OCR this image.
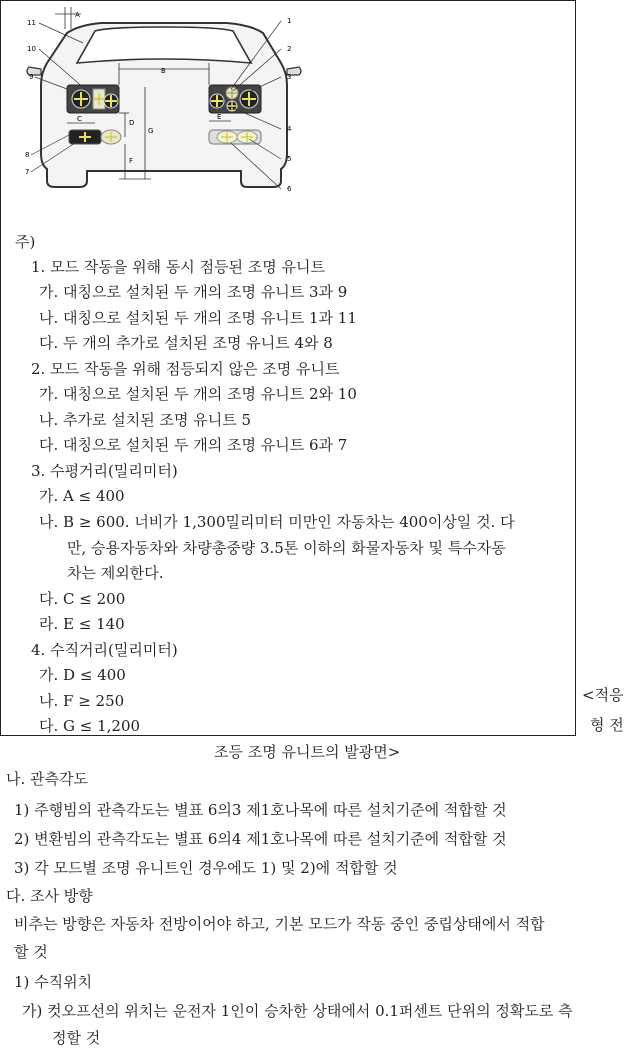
11
10
9
8
7
1
2
3
4
5
6
A
B
C	D
E
F
G
주)
1. 모드 작동을 위해 동시 점등된 조명 유니트
가. 대칭으로 설치된 두 개의 조명 유니트 3과 9
나. 대칭으로 설치된 두 개의 조명 유니트 1과 11
다. 두 개의 추가로 설치된 조명 유니트 4와 8
2. 모드 작동을 위해 점등되지 않은 조명 유니트
가. 대칭으로 설치된 두 개의 조명 유니트 2와 10
나. 추가로 설치된 조명 유니트 5
다. 대칭으로 설치된 두 개의 조명 유니트 6과 7
3. 수평거리(밀리미터)
가. A ≤ 400
나. B ≥ 600. 너비가 1,300밀리미터 미만인 자동차는 400이상일 것. 다
만, 승용자동차와 차량총중량 3.5톤 이하의 화물자동차 및 특수자동
차는 제외한다.
다. C ≤ 200
라. E ≤ 140
4. 수직거리(밀리미터)
가. D ≤ 400
나. F ≥ 250
다. G ≤ 1,200
<적응
형 전
조등 조명 유니트의 발광면>
나. 관측각도
1) 주행빔의 관측각도는 별표 6의3 제1호나목에 따른 설치기준에 적합할 것
2) 변환빔의 관측각도는 별표 6의4 제1호나목에 따른 설치기준에 적합할 것
3) 각 모드별 조명 유니트인 경우에도 1) 및 2)에 적합할 것
다. 조사 방향
비추는 방향은 자동차 전방이어야 하고, 기본 모드가 작동 중인 중립상태에서 적합
할 것
1) 수직위치
가) 컷오프선의 위치는 운전자 1인이 승차한 상태에서 0.1퍼센트 단위의 정확도로 측
정할 것
